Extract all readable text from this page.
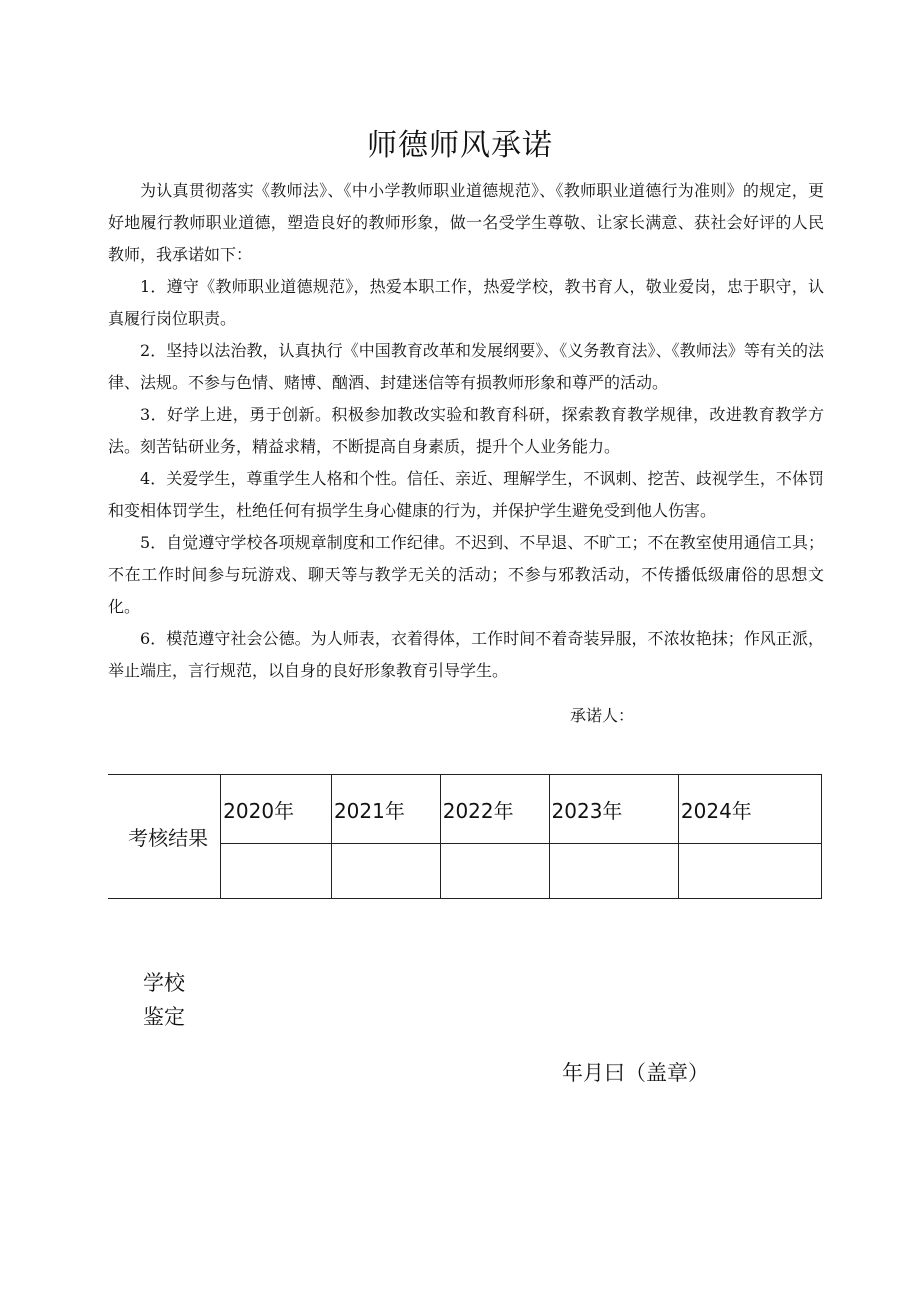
师德师风承诺

为认真贯彻落实《教师法》、《中小学教师职业道德规范》、《教师职业道德行为准则》的规定，更好地履行教师职业道德，塑造良好的教师形象，做一名受学生尊敬、让家长满意、获社会好评的人民教师，我承诺如下：

1．遵守《教师职业道德规范》，热爱本职工作，热爱学校，教书育人，敬业爱岗，忠于职守，认真履行岗位职责。

2．坚持以法治教，认真执行《中国教育改革和发展纲要》、《义务教育法》、《教师法》等有关的法律、法规。不参与色情、赌博、酗酒、封建迷信等有损教师形象和尊严的活动。

3．好学上进，勇于创新。积极参加教改实验和教育科研，探索教育教学规律，改进教育教学方法。刻苦钻研业务，精益求精，不断提高自身素质，提升个人业务能力。

4．关爱学生，尊重学生人格和个性。信任、亲近、理解学生，不讽刺、挖苦、歧视学生，不体罚和变相体罚学生，杜绝任何有损学生身心健康的行为，并保护学生避免受到他人伤害。

5．自觉遵守学校各项规章制度和工作纪律。不迟到、不早退、不旷工；不在教室使用通信工具；不在工作时间参与玩游戏、聊天等与教学无关的活动；不参与邪教活动，不传播低级庸俗的思想文化。

6．模范遵守社会公德。为人师表，衣着得体，工作时间不着奇装异服，不浓妆艳抹；作风正派，举止端庄，言行规范，以自身的良好形象教育引导学生。

承诺人：
考核结果	2020年	2021年	2022年	2023年	2024年

学校
鉴定
年月曰（盖章）
